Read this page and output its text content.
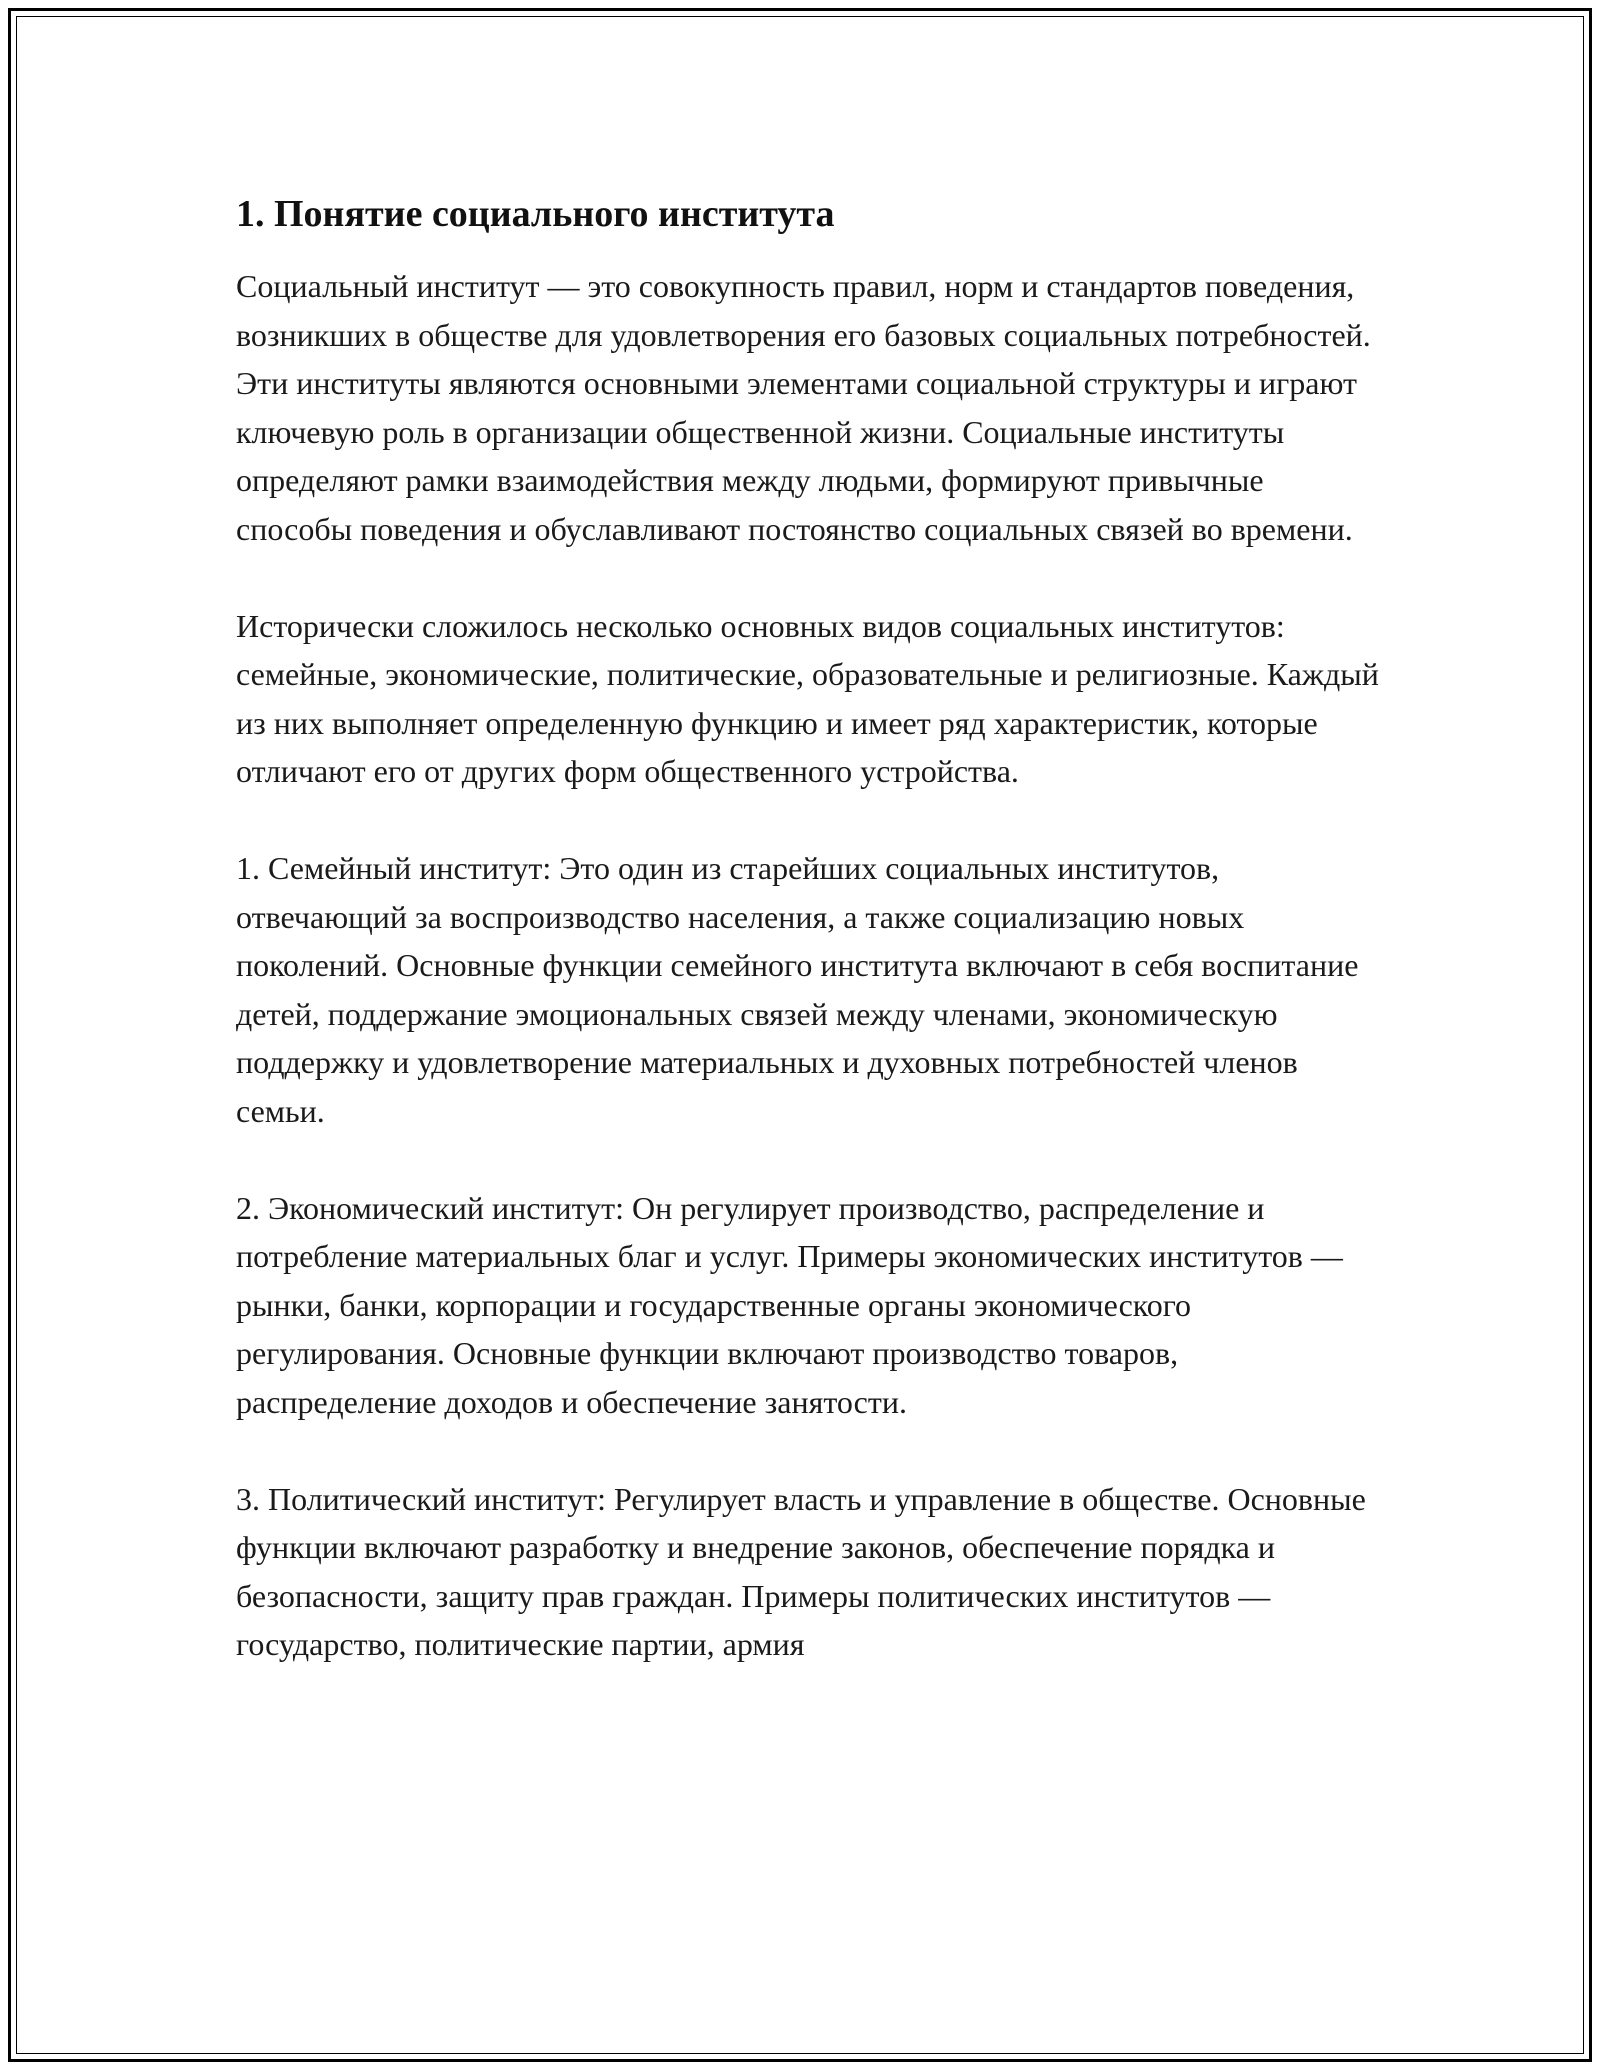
1. Понятие социального института

Социальный институт — это совокупность правил, норм и стандартов поведения, возникших в обществе для удовлетворения его базовых социальных потребностей. Эти институты являются основными элементами социальной структуры и играют ключевую роль в организации общественной жизни. Социальные институты определяют рамки взаимодействия между людьми, формируют привычные способы поведения и обуславливают постоянство социальных связей во времени.

Исторически сложилось несколько основных видов социальных институтов: семейные, экономические, политические, образовательные и религиозные. Каждый из них выполняет определенную функцию и имеет ряд характеристик, которые отличают его от других форм общественного устройства.

1. Семейный институт: Это один из старейших социальных институтов, отвечающий за воспроизводство населения, а также социализацию новых поколений. Основные функции семейного института включают в себя воспитание детей, поддержание эмоциональных связей между членами, экономическую поддержку и удовлетворение материальных и духовных потребностей членов семьи.

2. Экономический институт: Он регулирует производство, распределение и потребление материальных благ и услуг. Примеры экономических институтов — рынки, банки, корпорации и государственные органы экономического регулирования. Основные функции включают производство товаров, распределение доходов и обеспечение занятости.

3. Политический институт: Регулирует власть и управление в обществе. Основные функции включают разработку и внедрение законов, обеспечение порядка и безопасности, защиту прав граждан. Примеры политических институтов — государство, политические партии, армия
